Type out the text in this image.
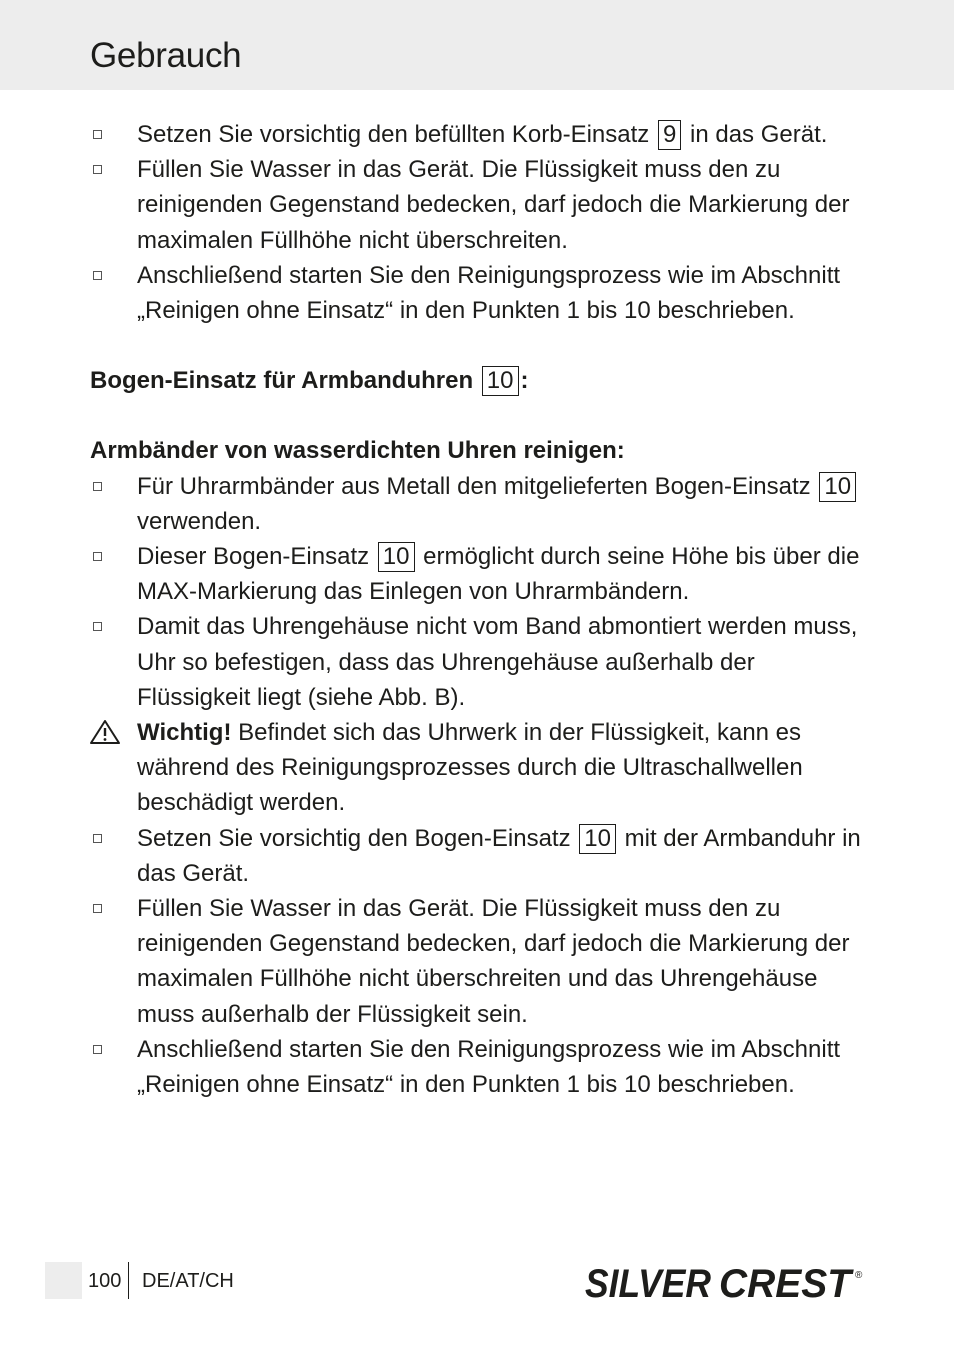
Gebrauch

Setzen Sie vorsichtig den befüllten Korb-Einsatz 9 in das Gerät.

Füllen Sie Wasser in das Gerät. Die Flüssigkeit muss den zu reinigenden Gegenstand bedecken, darf jedoch die Markierung der maximalen Füllhöhe nicht überschreiten.

Anschließend starten Sie den Reinigungsprozess wie im Abschnitt „Reinigen ohne Einsatz“ in den Punkten 1 bis 10 beschrieben.

Bogen-Einsatz für Armbanduhren 10 :

Armbänder von wasserdichten Uhren reinigen:

Für Uhrarmbänder aus Metall den mitgelieferten Bogen-Einsatz 10 verwenden.

Dieser Bogen-Einsatz 10 ermöglicht durch seine Höhe bis über die MAX-Markierung das Einlegen von Uhrarmbändern.

Damit das Uhrengehäuse nicht vom Band abmontiert werden muss, Uhr so befestigen, dass das Uhrengehäuse außerhalb der Flüssigkeit liegt (siehe Abb. B).

Wichtig! Befindet sich das Uhrwerk in der Flüssigkeit, kann es während des Reinigungsprozesses durch die Ultraschallwellen beschädigt werden.

Setzen Sie vorsichtig den Bogen-Einsatz 10 mit der Armbanduhr in das Gerät.

Füllen Sie Wasser in das Gerät. Die Flüssigkeit muss den zu reinigenden Gegenstand bedecken, darf jedoch die Markierung der maximalen Füllhöhe nicht überschreiten und das Uhrengehäuse muss außerhalb der Flüssigkeit sein.

Anschließend starten Sie den Reinigungsprozess wie im Abschnitt „Reinigen ohne Einsatz“ in den Punkten 1 bis 10 beschrieben.

100 DE/AT/CH	SILVER CREST ®
